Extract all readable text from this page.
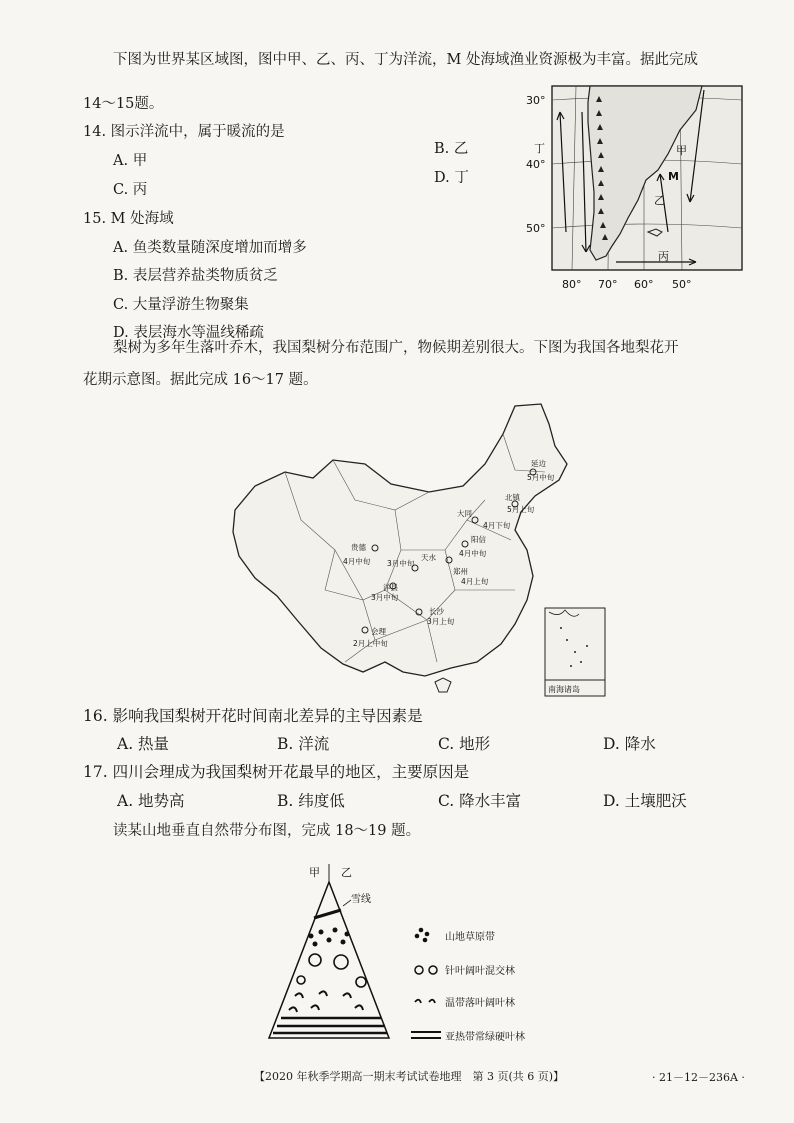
下图为世界某区域图，图中甲、乙、丙、丁为洋流，M 处海域渔业资源极为丰富。据此完成
14～15题。
14. 图示洋流中，属于暖流的是
A. 甲
B. 乙
C. 丙
D. 丁
15. M 处海域
A. 鱼类数量随深度增加而增多
B. 表层营养盐类物质贫乏
C. 大量浮游生物聚集
D. 表层海水等温线稀疏
30°
40°
50°
80° 70° 60° 50°
甲
乙
丙
丁
M
梨树为多年生落叶乔木，我国梨树分布范围广，物候期差别很大。下图为我国各地梨花开
花期示意图。据此完成 16～17 题。
延边
5月中旬
北镇
5月上旬
大同
4月下旬
阳信
4月中旬
郑州
4月上旬
贵德
4月中旬	天水
3月中旬
洋县
3月中旬
长沙
3月上旬
会理
2月上中旬
南海诸岛
16. 影响我国梨树开花时间南北差异的主导因素是
A. 热量	B. 洋流	C. 地形	D. 降水
17. 四川会理成为我国梨树开花最早的地区，主要原因是
A. 地势高	B. 纬度低	C. 降水丰富	D. 土壤肥沃
读某山地垂直自然带分布图，完成 18～19 题。
甲 乙
雪线
山地草原带
针叶阔叶混交林
温带落叶阔叶林
亚热带常绿硬叶林
【2020 年秋季学期高一期末考试试卷地理　第 3 页(共 6 页)】	· 21－12－236A ·
